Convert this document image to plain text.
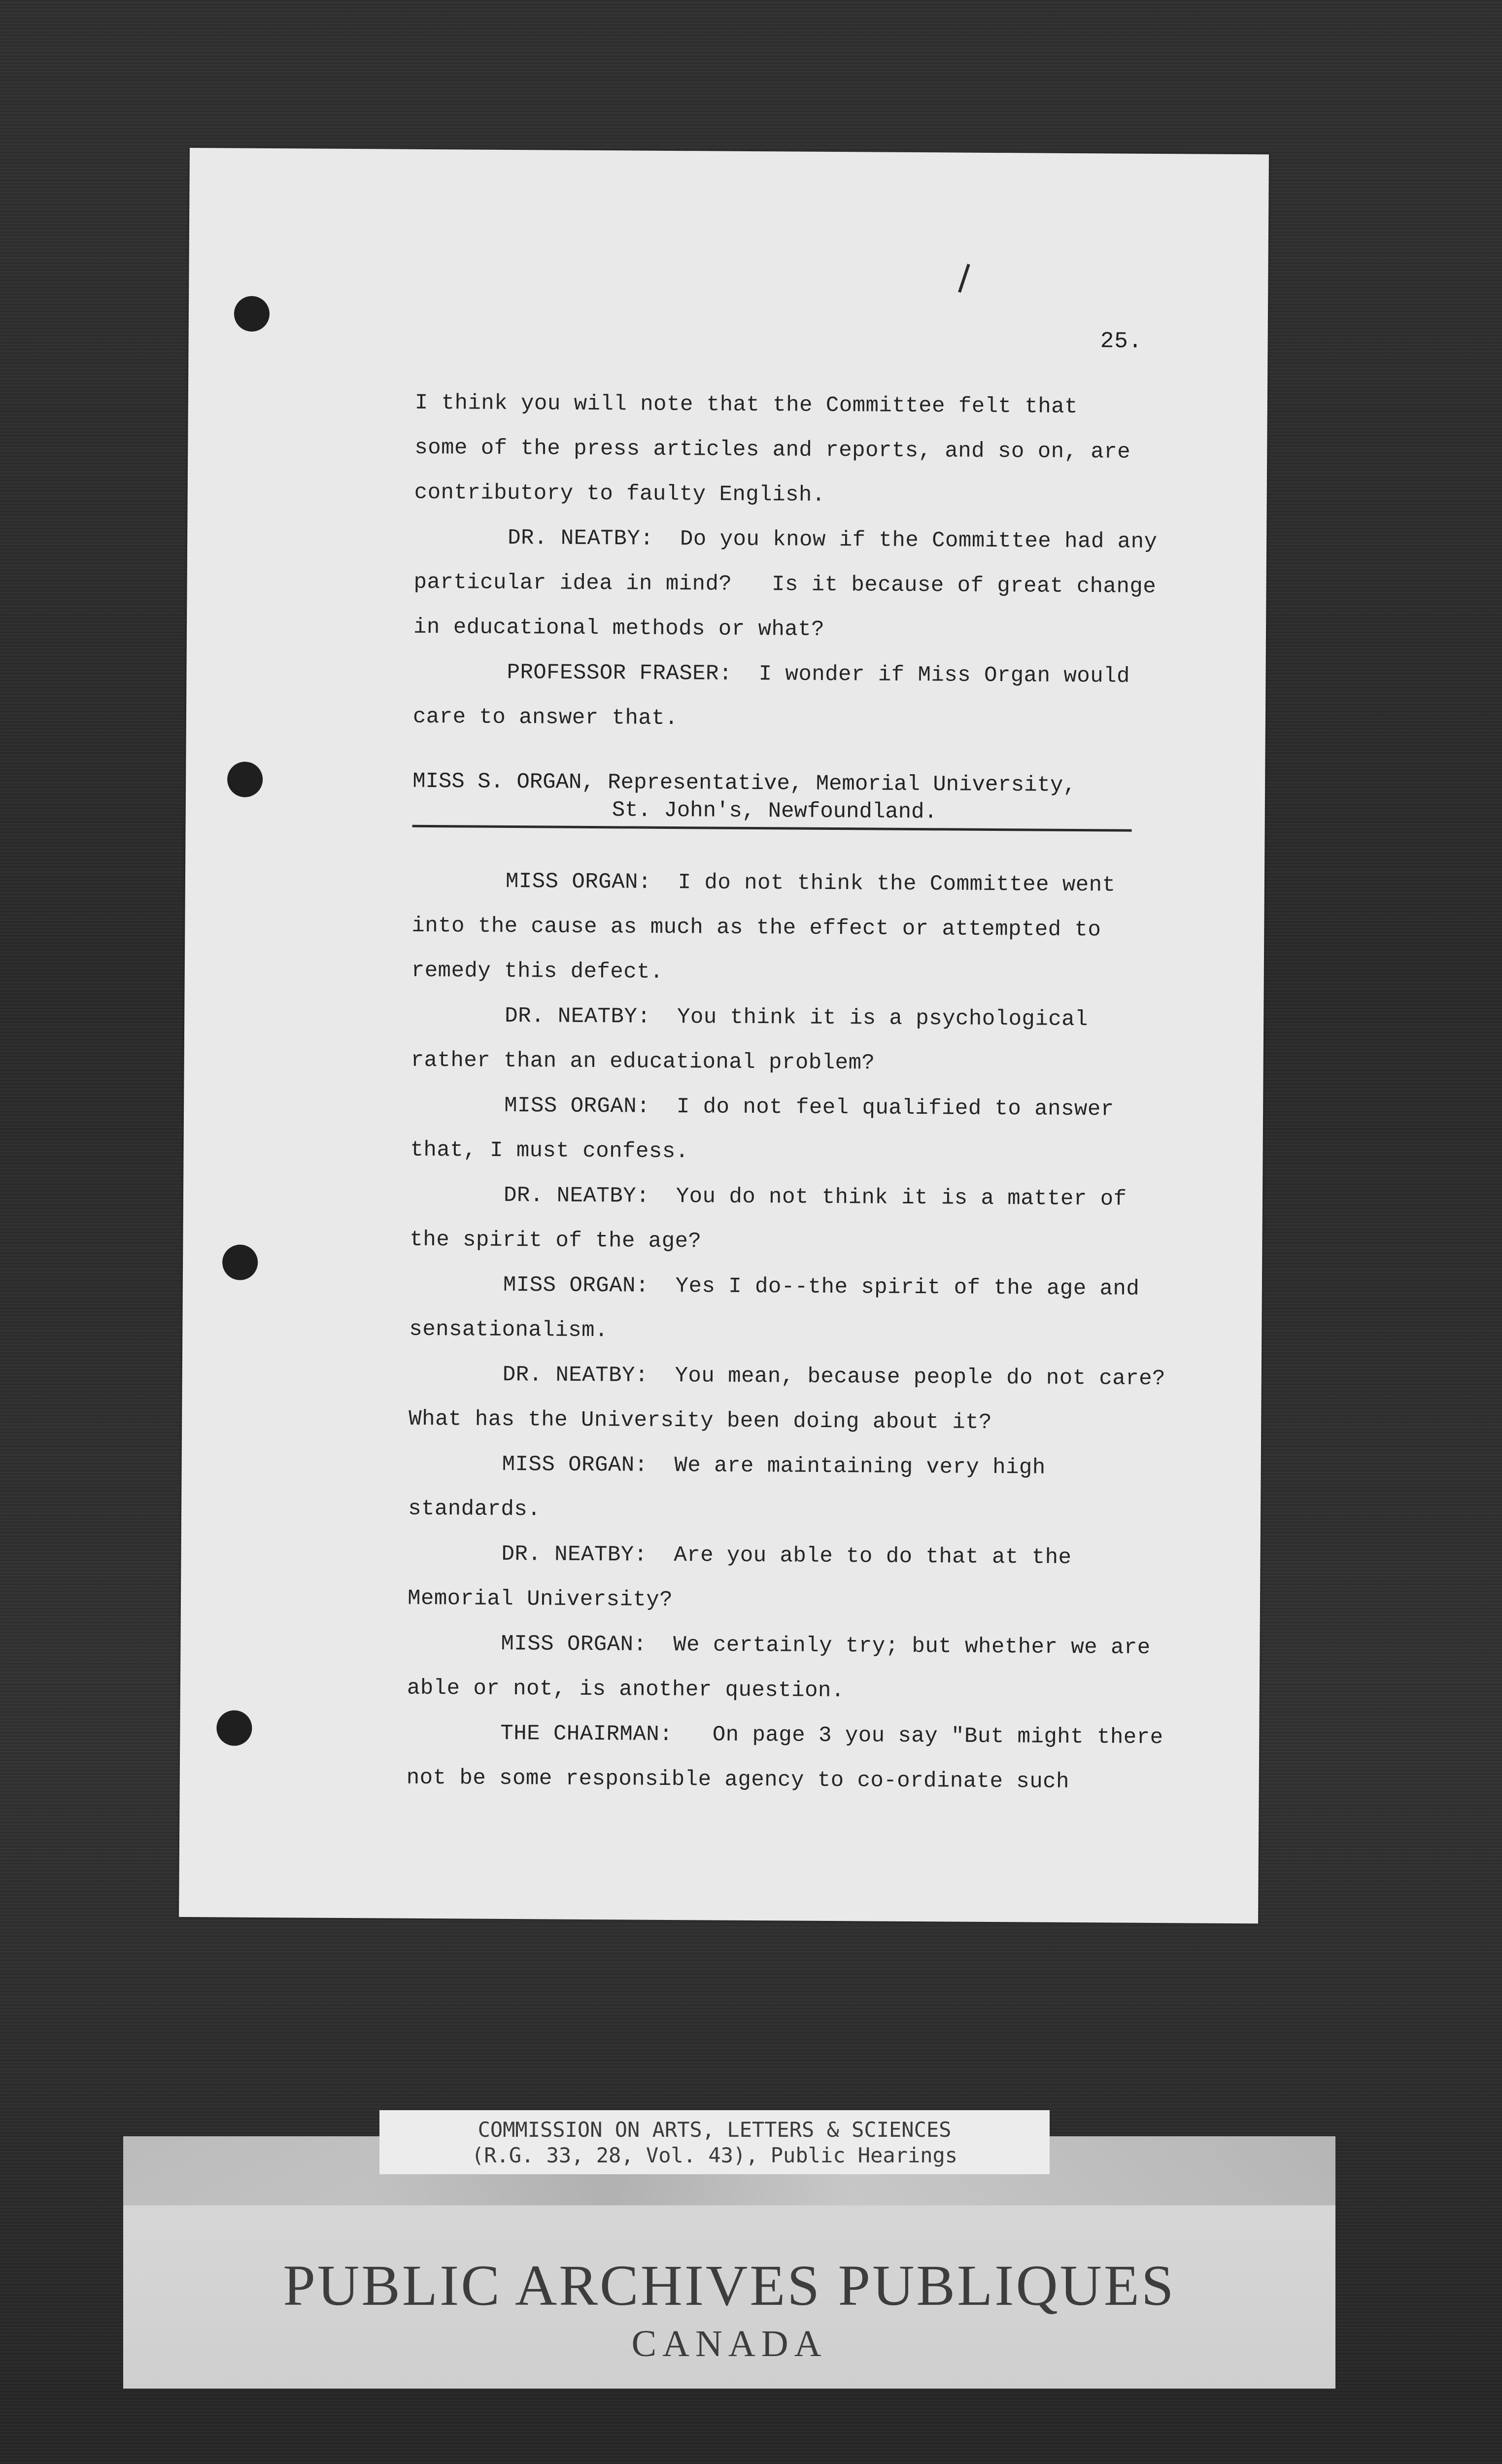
25.
I think you will note that the Committee felt that
some of the press articles and reports, and so on, are
contributory to faulty English.
DR. NEATBY:  Do you know if the Committee had any
particular idea in mind?   Is it because of great change
in educational methods or what?
PROFESSOR FRASER:  I wonder if Miss Organ would
care to answer that.
MISS S. ORGAN, Representative, Memorial University,
St. John's, Newfoundland.
MISS ORGAN:  I do not think the Committee went
into the cause as much as the effect or attempted to
remedy this defect.
DR. NEATBY:  You think it is a psychological
rather than an educational problem?
MISS ORGAN:  I do not feel qualified to answer
that, I must confess.
DR. NEATBY:  You do not think it is a matter of
the spirit of the age?
MISS ORGAN:  Yes I do--the spirit of the age and
sensationalism.
DR. NEATBY:  You mean, because people do not care?
What has the University been doing about it?
MISS ORGAN:  We are maintaining very high
standards.
DR. NEATBY:  Are you able to do that at the
Memorial University?
MISS ORGAN:  We certainly try; but whether we are
able or not, is another question.
THE CHAIRMAN:   On page 3 you say "But might there
not be some responsible agency to co-ordinate such
COMMISSION ON ARTS, LETTERS & SCIENCES
(R.G. 33, 28, Vol. 43), Public Hearings
PUBLIC ARCHIVES PUBLIQUES
CANADA
